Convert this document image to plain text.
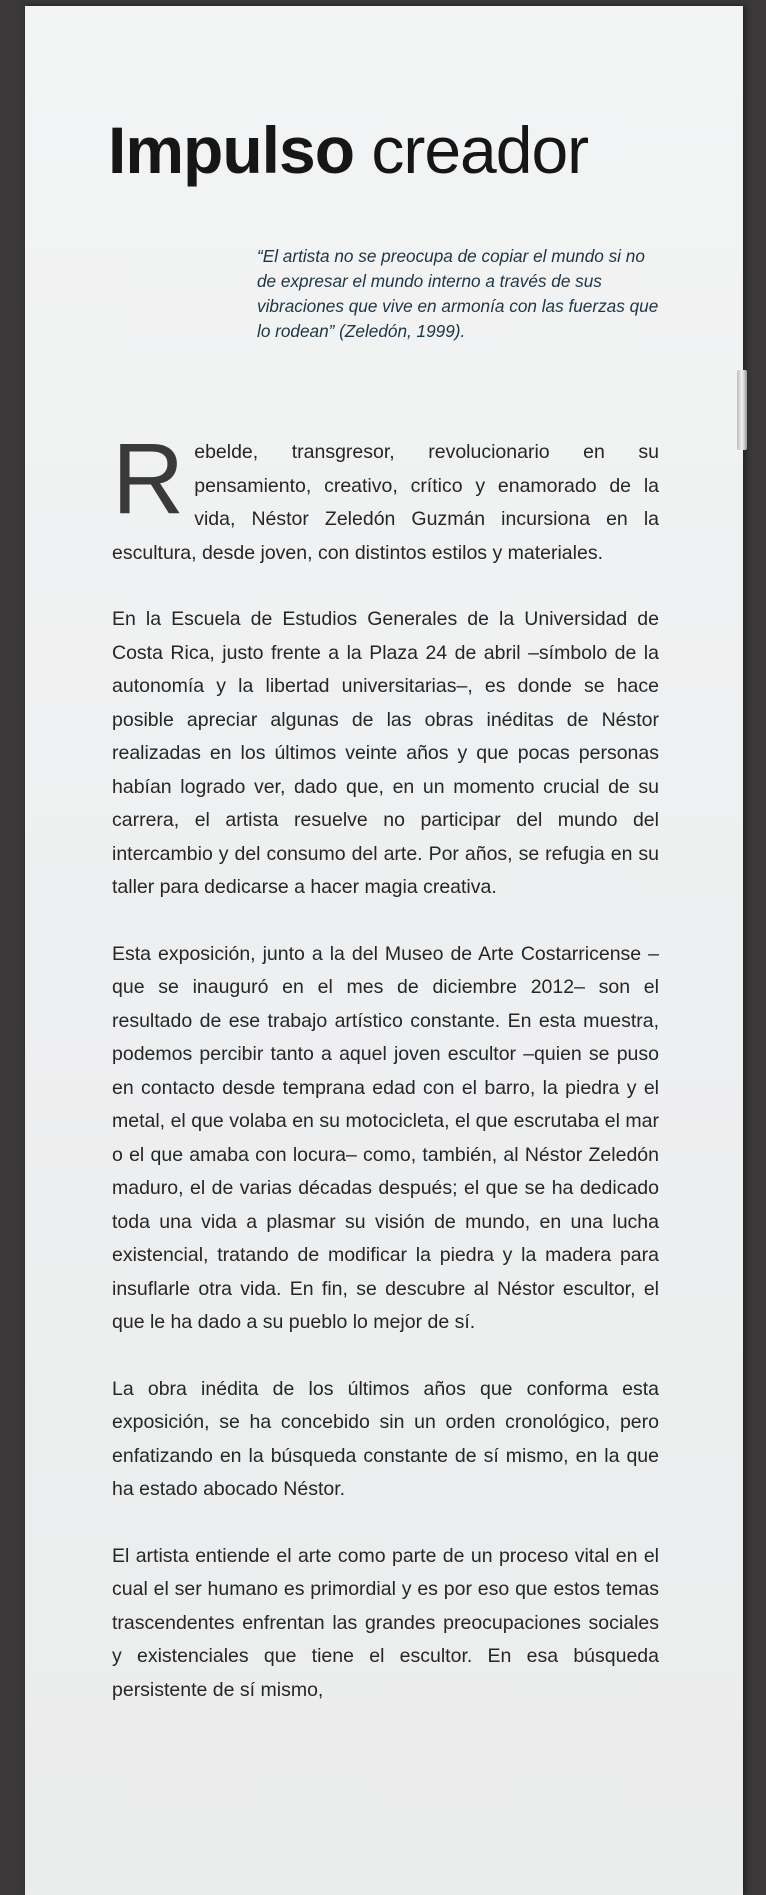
Impulso creador
“El artista no se preocupa de copiar el mundo si no de expresar el mundo interno a través de sus vibraciones que vive en armonía con las fuerzas que lo rodean” (Zeledón, 1999).

Rebelde, transgresor, revolucionario en su pensamiento, creativo, crítico y enamorado de la vida, Néstor Zeledón Guzmán incursiona en la escultura, desde joven, con distintos estilos y materiales.

En la Escuela de Estudios Generales de la Universidad de Costa Rica, justo frente a la Plaza 24 de abril –símbolo de la autonomía y la libertad universitarias–, es donde se hace posible apreciar algunas de las obras inéditas de Néstor realizadas en los últimos veinte años y que pocas personas habían logrado ver, dado que, en un momento crucial de su carrera, el artista resuelve no participar del mundo del intercambio y del consumo del arte. Por años, se refugia en su taller para dedicarse a hacer magia creativa.

Esta exposición, junto a la del Museo de Arte Costarricense –que se inauguró en el mes de diciembre 2012– son el resultado de ese trabajo artístico constante. En esta muestra, podemos percibir tanto a aquel joven escultor –quien se puso en contacto desde temprana edad con el barro, la piedra y el metal, el que volaba en su motocicleta, el que escrutaba el mar o el que amaba con locura– como, también, al Néstor Zeledón maduro, el de varias décadas después; el que se ha dedicado toda una vida a plasmar su visión de mundo, en una lucha existencial, tratando de modificar la piedra y la madera para insuflarle otra vida. En fin, se descubre al Néstor escultor, el que le ha dado a su pueblo lo mejor de sí.

La obra inédita de los últimos años que conforma esta exposición, se ha concebido sin un orden cronológico, pero enfatizando en la búsqueda constante de sí mismo, en la que ha estado abocado Néstor.

El artista entiende el arte como parte de un proceso vital en el cual el ser humano es primordial y es por eso que estos temas trascendentes enfrentan las grandes preocupaciones sociales y existenciales que tiene el escultor. En esa búsqueda persistente de sí mismo,
